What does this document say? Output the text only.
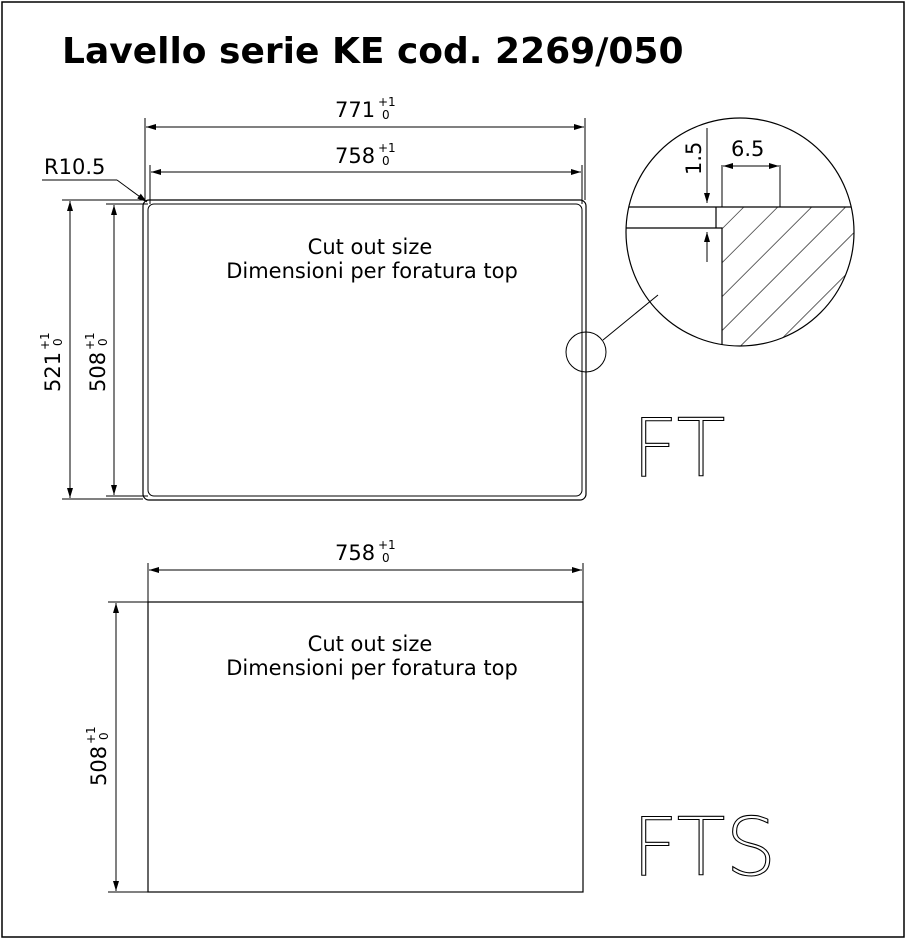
Lavello serie KE cod. 2269/050
771 +1
0
758 +1
0
R10.5
521
+1 0
508
+1 0
Cut out size
Dimensioni per foratura top
FT
1.5 6.5
758 +1
0
508
+1 0
Cut out size
Dimensioni per foratura top
FTS
